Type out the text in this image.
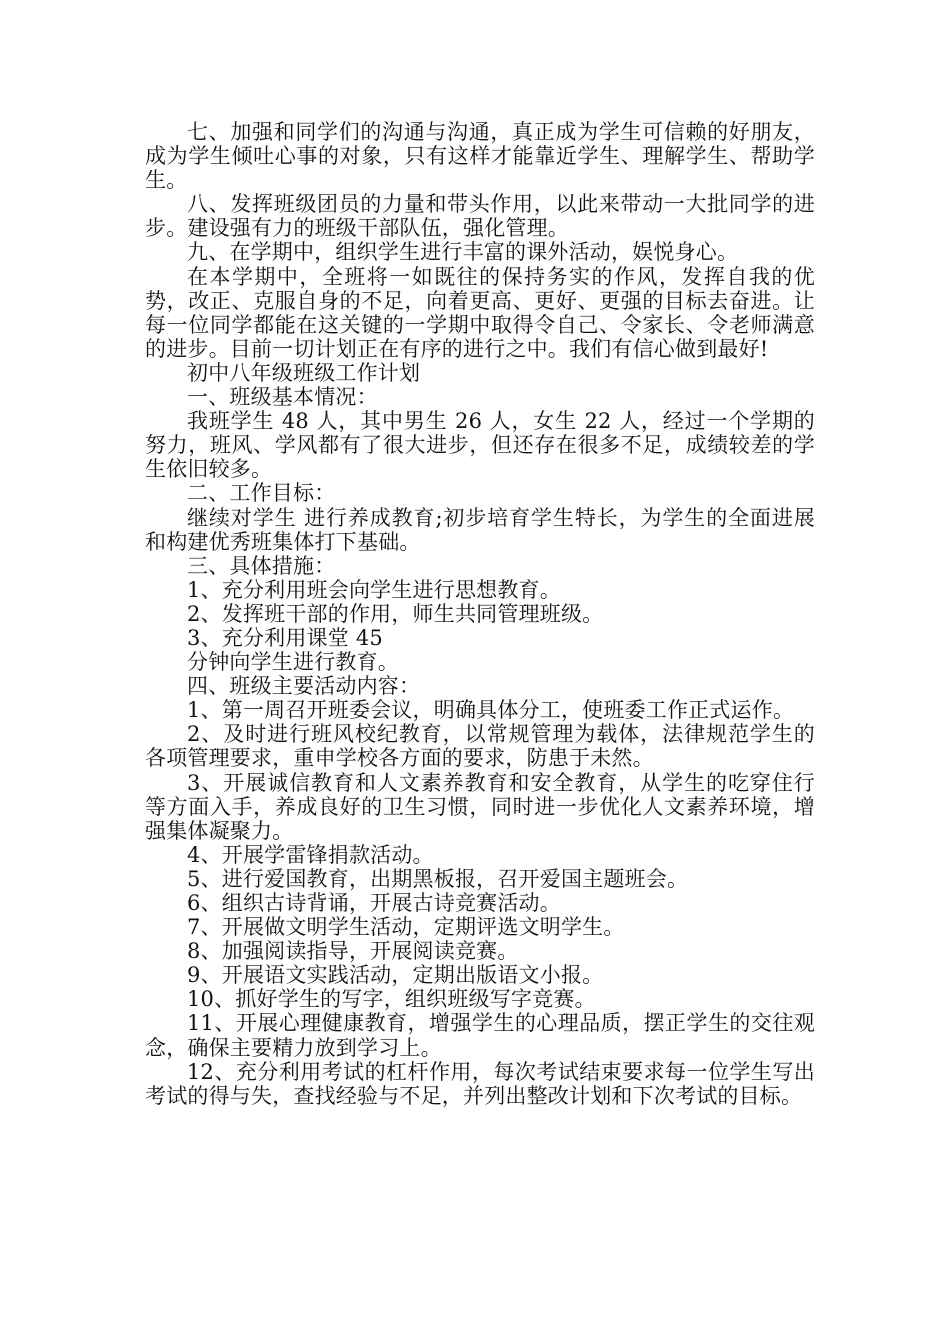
七、加强和同学们的沟通与沟通，真正成为学生可信赖的好朋友，成为学生倾吐心事的对象，只有这样才能靠近学生、理解学生、帮助学生。

八、发挥班级团员的力量和带头作用，以此来带动一大批同学的进步。建设强有力的班级干部队伍，强化管理。

九、在学期中，组织学生进行丰富的课外活动，娱悦身心。

在本学期中，全班将一如既往的保持务实的作风，发挥自我的优势，改正、克服自身的不足，向着更高、更好、更强的目标去奋进。让每一位同学都能在这关键的一学期中取得令自己、令家长、令老师满意的进步。目前一切计划正在有序的进行之中。我们有信心做到最好!

初中八年级班级工作计划

一、班级基本情况：

我班学生 48 人，其中男生 26 人，女生 22 人，经过一个学期的努力，班风、学风都有了很大进步，但还存在很多不足，成绩较差的学生依旧较多。

二、工作目标：

继续对学生 进行养成教育;初步培育学生特长，为学生的全面进展和构建优秀班集体打下基础。

三、具体措施：

1、充分利用班会向学生进行思想教育。

2、发挥班干部的作用，师生共同管理班级。

3、充分利用课堂 45

分钟向学生进行教育。

四、班级主要活动内容：

1、第一周召开班委会议，明确具体分工，使班委工作正式运作。

2、及时进行班风校纪教育，以常规管理为载体，法律规范学生的各项管理要求，重申学校各方面的要求，防患于未然。

3、开展诚信教育和人文素养教育和安全教育，从学生的吃穿住行等方面入手，养成良好的卫生习惯，同时进一步优化人文素养环境，增强集体凝聚力。

4、开展学雷锋捐款活动。

5、进行爱国教育，出期黑板报，召开爱国主题班会。

6、组织古诗背诵，开展古诗竞赛活动。

7、开展做文明学生活动，定期评选文明学生。

8、加强阅读指导，开展阅读竞赛。

9、开展语文实践活动，定期出版语文小报。

10、抓好学生的写字，组织班级写字竞赛。

11、开展心理健康教育，增强学生的心理品质，摆正学生的交往观念，确保主要精力放到学习上。

12、充分利用考试的杠杆作用，每次考试结束要求每一位学生写出考试的得与失，查找经验与不足，并列出整改计划和下次考试的目标。
